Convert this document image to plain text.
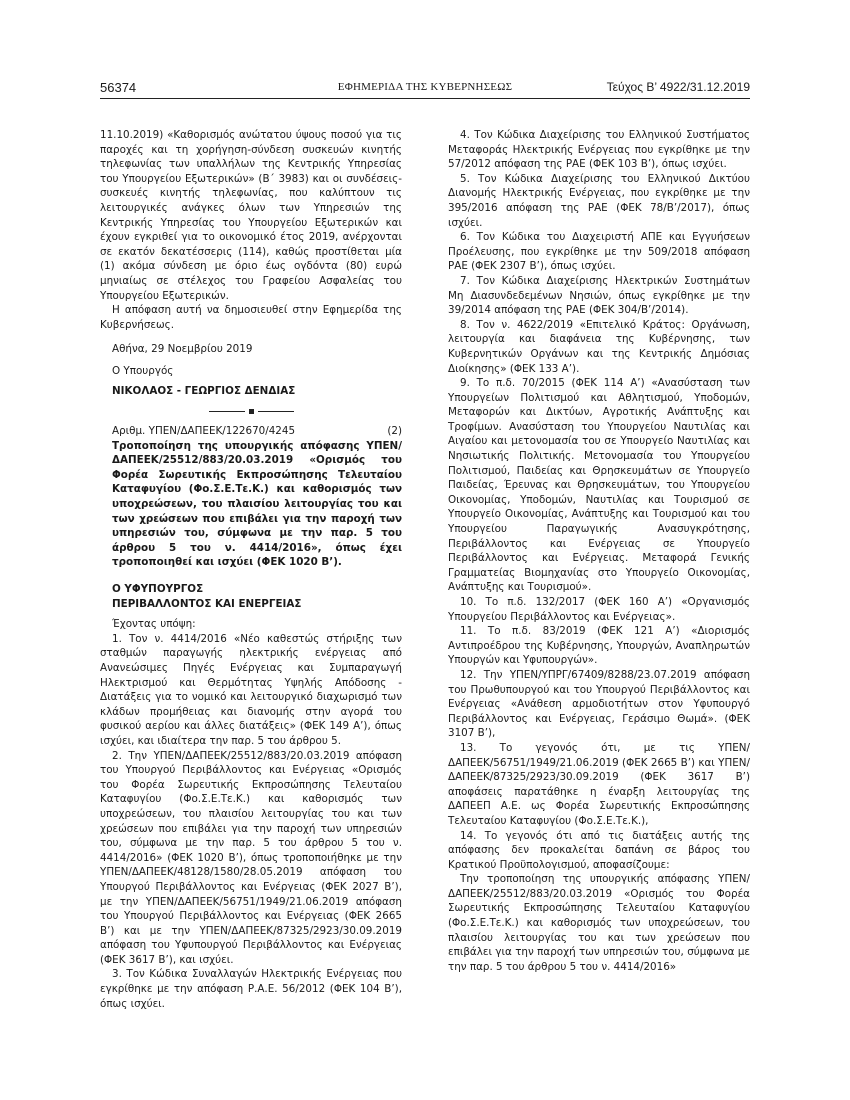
56374	ΕΦΗΜΕΡΙΔΑ ΤΗΣ ΚΥΒΕΡΝΗΣΕΩΣ	Τεύχος Β’ 4922/31.12.2019

11.10.2019) «Καθορισμός ανώτατου ύψους ποσού για τις παροχές και τη χορήγηση-σύνδεση συσκευών κινητής τηλεφωνίας των υπαλλήλων της Κεντρικής Υπηρεσίας του Υπουργείου Εξωτερικών» (Β΄ 3983) και οι συνδέσεις-συσκευές κινητής τηλεφωνίας, που καλύπτουν τις λειτουργικές ανάγκες όλων των Υπηρεσιών της Κεντρικής Υπηρεσίας του Υπουργείου Εξωτερικών και έχουν εγκριθεί για το οικονομικό έτος 2019, ανέρχονται σε εκατόν δεκατέσσερις (114), καθώς προστίθεται μία (1) ακόμα σύνδεση με όριο έως ογδόντα (80) ευρώ μηνιαίως σε στέλεχος του Γραφείου Ασφαλείας του Υπουργείου Εξωτερικών.

Η απόφαση αυτή να δημοσιευθεί στην Εφημερίδα της Κυβερνήσεως.

Αθήνα, 29 Νοεμβρίου 2019

Ο Υπουργός

ΝΙΚΟΛΑΟΣ - ΓΕΩΡΓΙΟΣ ΔΕΝΔΙΑΣ

Αριθμ. ΥΠΕΝ/ΔΑΠΕΕΚ/122670/4245	(2)

Τροποποίηση της υπουργικής απόφασης ΥΠΕΝ/ΔΑΠΕΕΚ/25512/883/20.03.2019 «Ορισμός του Φορέα Σωρευτικής Εκπροσώπησης Τελευταίου Καταφυγίου (Φο.Σ.Ε.Τε.Κ.) και καθορισμός των υποχρεώσεων, του πλαισίου λειτουργίας του και των χρεώσεων που επιβάλει για την παροχή των υπηρεσιών του, σύμφωνα με την παρ. 5 του άρθρου 5 του ν. 4414/2016», όπως έχει τροποποιηθεί και ισχύει (ΦΕΚ 1020 Β’).

Ο ΥΦΥΠΟΥΡΓΟΣ

ΠΕΡΙΒΑΛΛΟΝΤΟΣ ΚΑΙ ΕΝΕΡΓΕΙΑΣ

Έχοντας υπόψη:

1. Τον ν. 4414/2016 «Νέο καθεστώς στήριξης των σταθμών παραγωγής ηλεκτρικής ενέργειας από Ανανεώσιμες Πηγές Ενέργειας και Συμπαραγωγή Ηλεκτρισμού και Θερμότητας Υψηλής Απόδοσης - Διατάξεις για το νομικό και λειτουργικό διαχωρισμό των κλάδων προμήθειας και διανομής στην αγορά του φυσικού αερίου και άλλες διατάξεις» (ΦΕΚ 149 Α’), όπως ισχύει, και ιδιαίτερα την παρ. 5 του άρθρου 5.

2. Την ΥΠΕΝ/ΔΑΠΕΕΚ/25512/883/20.03.2019 απόφαση του Υπουργού Περιβάλλοντος και Ενέργειας «Ορισμός του Φορέα Σωρευτικής Εκπροσώπησης Τελευταίου Καταφυγίου (Φο.Σ.Ε.Τε.Κ.) και καθορισμός των υποχρεώσεων, του πλαισίου λειτουργίας του και των χρεώσεων που επιβάλει για την παροχή των υπηρεσιών του, σύμφωνα με την παρ. 5 του άρθρου 5 του ν. 4414/2016» (ΦΕΚ 1020 Β’), όπως τροποποιήθηκε με την ΥΠΕΝ/ΔΑΠΕΕΚ/48128/1580/28.05.2019 απόφαση του Υπουργού Περιβάλλοντος και Ενέργειας (ΦΕΚ 2027 Β’), με την ΥΠΕΝ/ΔΑΠΕΕΚ/56751/1949/21.06.2019 απόφαση του Υπουργού Περιβάλλοντος και Ενέργειας (ΦΕΚ 2665 Β’) και με την ΥΠΕΝ/ΔΑΠΕΕΚ/87325/2923/30.09.2019 απόφαση του Υφυπουργού Περιβάλλοντος και Ενέργειας (ΦΕΚ 3617 Β’), και ισχύει.

3. Τον Κώδικα Συναλλαγών Ηλεκτρικής Ενέργειας που εγκρίθηκε με την απόφαση Ρ.Α.Ε. 56/2012 (ΦΕΚ 104 Β’), όπως ισχύει.

4. Τον Κώδικα Διαχείρισης του Ελληνικού Συστήματος Μεταφοράς Ηλεκτρικής Ενέργειας που εγκρίθηκε με την 57/2012 απόφαση της ΡΑΕ (ΦΕΚ 103 Β’), όπως ισχύει.

5. Τον Κώδικα Διαχείρισης του Ελληνικού Δικτύου Διανομής Ηλεκτρικής Ενέργειας, που εγκρίθηκε με την 395/2016 απόφαση της ΡΑΕ (ΦΕΚ 78/Β’/2017), όπως ισχύει.

6. Τον Κώδικα του Διαχειριστή ΑΠΕ και Εγγυήσεων Προέλευσης, που εγκρίθηκε με την 509/2018 απόφαση ΡΑΕ (ΦΕΚ 2307 Β’), όπως ισχύει.

7. Τον Κώδικα Διαχείρισης Ηλεκτρικών Συστημάτων Μη Διασυνδεδεμένων Νησιών, όπως εγκρίθηκε με την 39/2014 απόφαση της ΡΑΕ (ΦΕΚ 304/Β’/2014).

8. Τον ν. 4622/2019 «Επιτελικό Κράτος: Οργάνωση, λειτουργία και διαφάνεια της Κυβέρνησης, των Κυβερνητικών Οργάνων και της Κεντρικής Δημόσιας Διοίκησης» (ΦΕΚ 133 Α’).

9. Το π.δ. 70/2015 (ΦΕΚ 114 Α’) «Ανασύσταση των Υπουργείων Πολιτισμού και Αθλητισμού, Υποδομών, Μεταφορών και Δικτύων, Αγροτικής Ανάπτυξης και Τροφίμων. Ανασύσταση του Υπουργείου Ναυτιλίας και Αιγαίου και μετονομασία του σε Υπουργείο Ναυτιλίας και Νησιωτικής Πολιτικής. Μετονομασία του Υπουργείου Πολιτισμού, Παιδείας και Θρησκευμάτων σε Υπουργείο Παιδείας, Έρευνας και Θρησκευμάτων, του Υπουργείου Οικονομίας, Υποδομών, Ναυτιλίας και Τουρισμού σε Υπουργείο Οικονομίας, Ανάπτυξης και Τουρισμού και του Υπουργείου Παραγωγικής Ανασυγκρότησης, Περιβάλλοντος και Ενέργειας σε Υπουργείο Περιβάλλοντος και Ενέργειας. Μεταφορά Γενικής Γραμματείας Βιομηχανίας στο Υπουργείο Οικονομίας, Ανάπτυξης και Τουρισμού».

10. Το π.δ. 132/2017 (ΦΕΚ 160 Α’) «Οργανισμός Υπουργείου Περιβάλλοντος και Ενέργειας».

11. Το π.δ. 83/2019 (ΦΕΚ 121 Α’) «Διορισμός Αντιπροέδρου της Κυβέρνησης, Υπουργών, Αναπληρωτών Υπουργών και Υφυπουργών».

12. Την ΥΠΕΝ/ΥΠΡΓ/67409/8288/23.07.2019 απόφαση του Πρωθυπουργού και του Υπουργού Περιβάλλοντος και Ενέργειας «Ανάθεση αρμοδιοτήτων στον Υφυπουργό Περιβάλλοντος και Ενέργειας, Γεράσιμο Θωμά». (ΦΕΚ 3107 Β’),

13. Το γεγονός ότι, με τις ΥΠΕΝ/ΔΑΠΕΕΚ/56751/1949/21.06.2019 (ΦΕΚ 2665 Β’) και ΥΠΕΝ/ΔΑΠΕΕΚ/87325/2923/30.09.2019 (ΦΕΚ 3617 Β’) αποφάσεις παρατάθηκε η έναρξη λειτουργίας της ΔΑΠΕΕΠ Α.Ε. ως Φορέα Σωρευτικής Εκπροσώπησης Τελευταίου Καταφυγίου (Φο.Σ.Ε.Τε.Κ.),

14. Το γεγονός ότι από τις διατάξεις αυτής της απόφασης δεν προκαλείται δαπάνη σε βάρος του Κρατικού Προϋπολογισμού, αποφασίζουμε:

Την τροποποίηση της υπουργικής απόφασης ΥΠΕΝ/ΔΑΠΕΕΚ/25512/883/20.03.2019 «Ορισμός του Φορέα Σωρευτικής Εκπροσώπησης Τελευταίου Καταφυγίου (Φο.Σ.Ε.Τε.Κ.) και καθορισμός των υποχρεώσεων, του πλαισίου λειτουργίας του και των χρεώσεων που επιβάλει για την παροχή των υπηρεσιών του, σύμφωνα με την παρ. 5 του άρθρου 5 του ν. 4414/2016»
